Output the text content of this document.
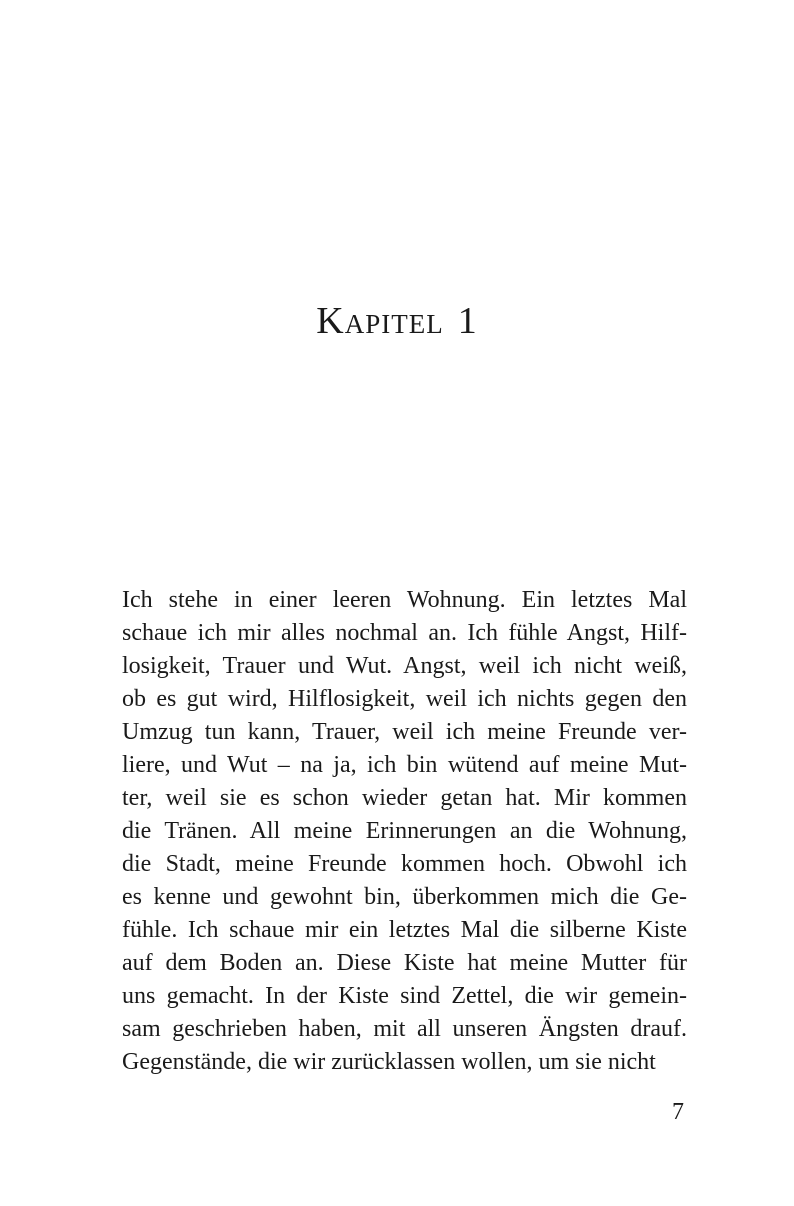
Kapitel 1
Ich stehe in einer leeren Wohnung. Ein letztes Mal
schaue ich mir alles nochmal an. Ich fühle Angst, Hilf-
losigkeit, Trauer und Wut. Angst, weil ich nicht weiß,
ob es gut wird, Hilflosigkeit, weil ich nichts gegen den
Umzug tun kann, Trauer, weil ich meine Freunde ver-
liere, und Wut – na ja, ich bin wütend auf meine Mut-
ter, weil sie es schon wieder getan hat. Mir kommen
die Tränen. All meine Erinnerungen an die Wohnung,
die Stadt, meine Freunde kommen hoch. Obwohl ich
es kenne und gewohnt bin, überkommen mich die Ge-
fühle. Ich schaue mir ein letztes Mal die silberne Kiste
auf dem Boden an. Diese Kiste hat meine Mutter für
uns gemacht. In der Kiste sind Zettel, die wir gemein-
sam geschrieben haben, mit all unseren Ängsten drauf.
Gegenstände, die wir zurücklassen wollen, um sie nicht

7
